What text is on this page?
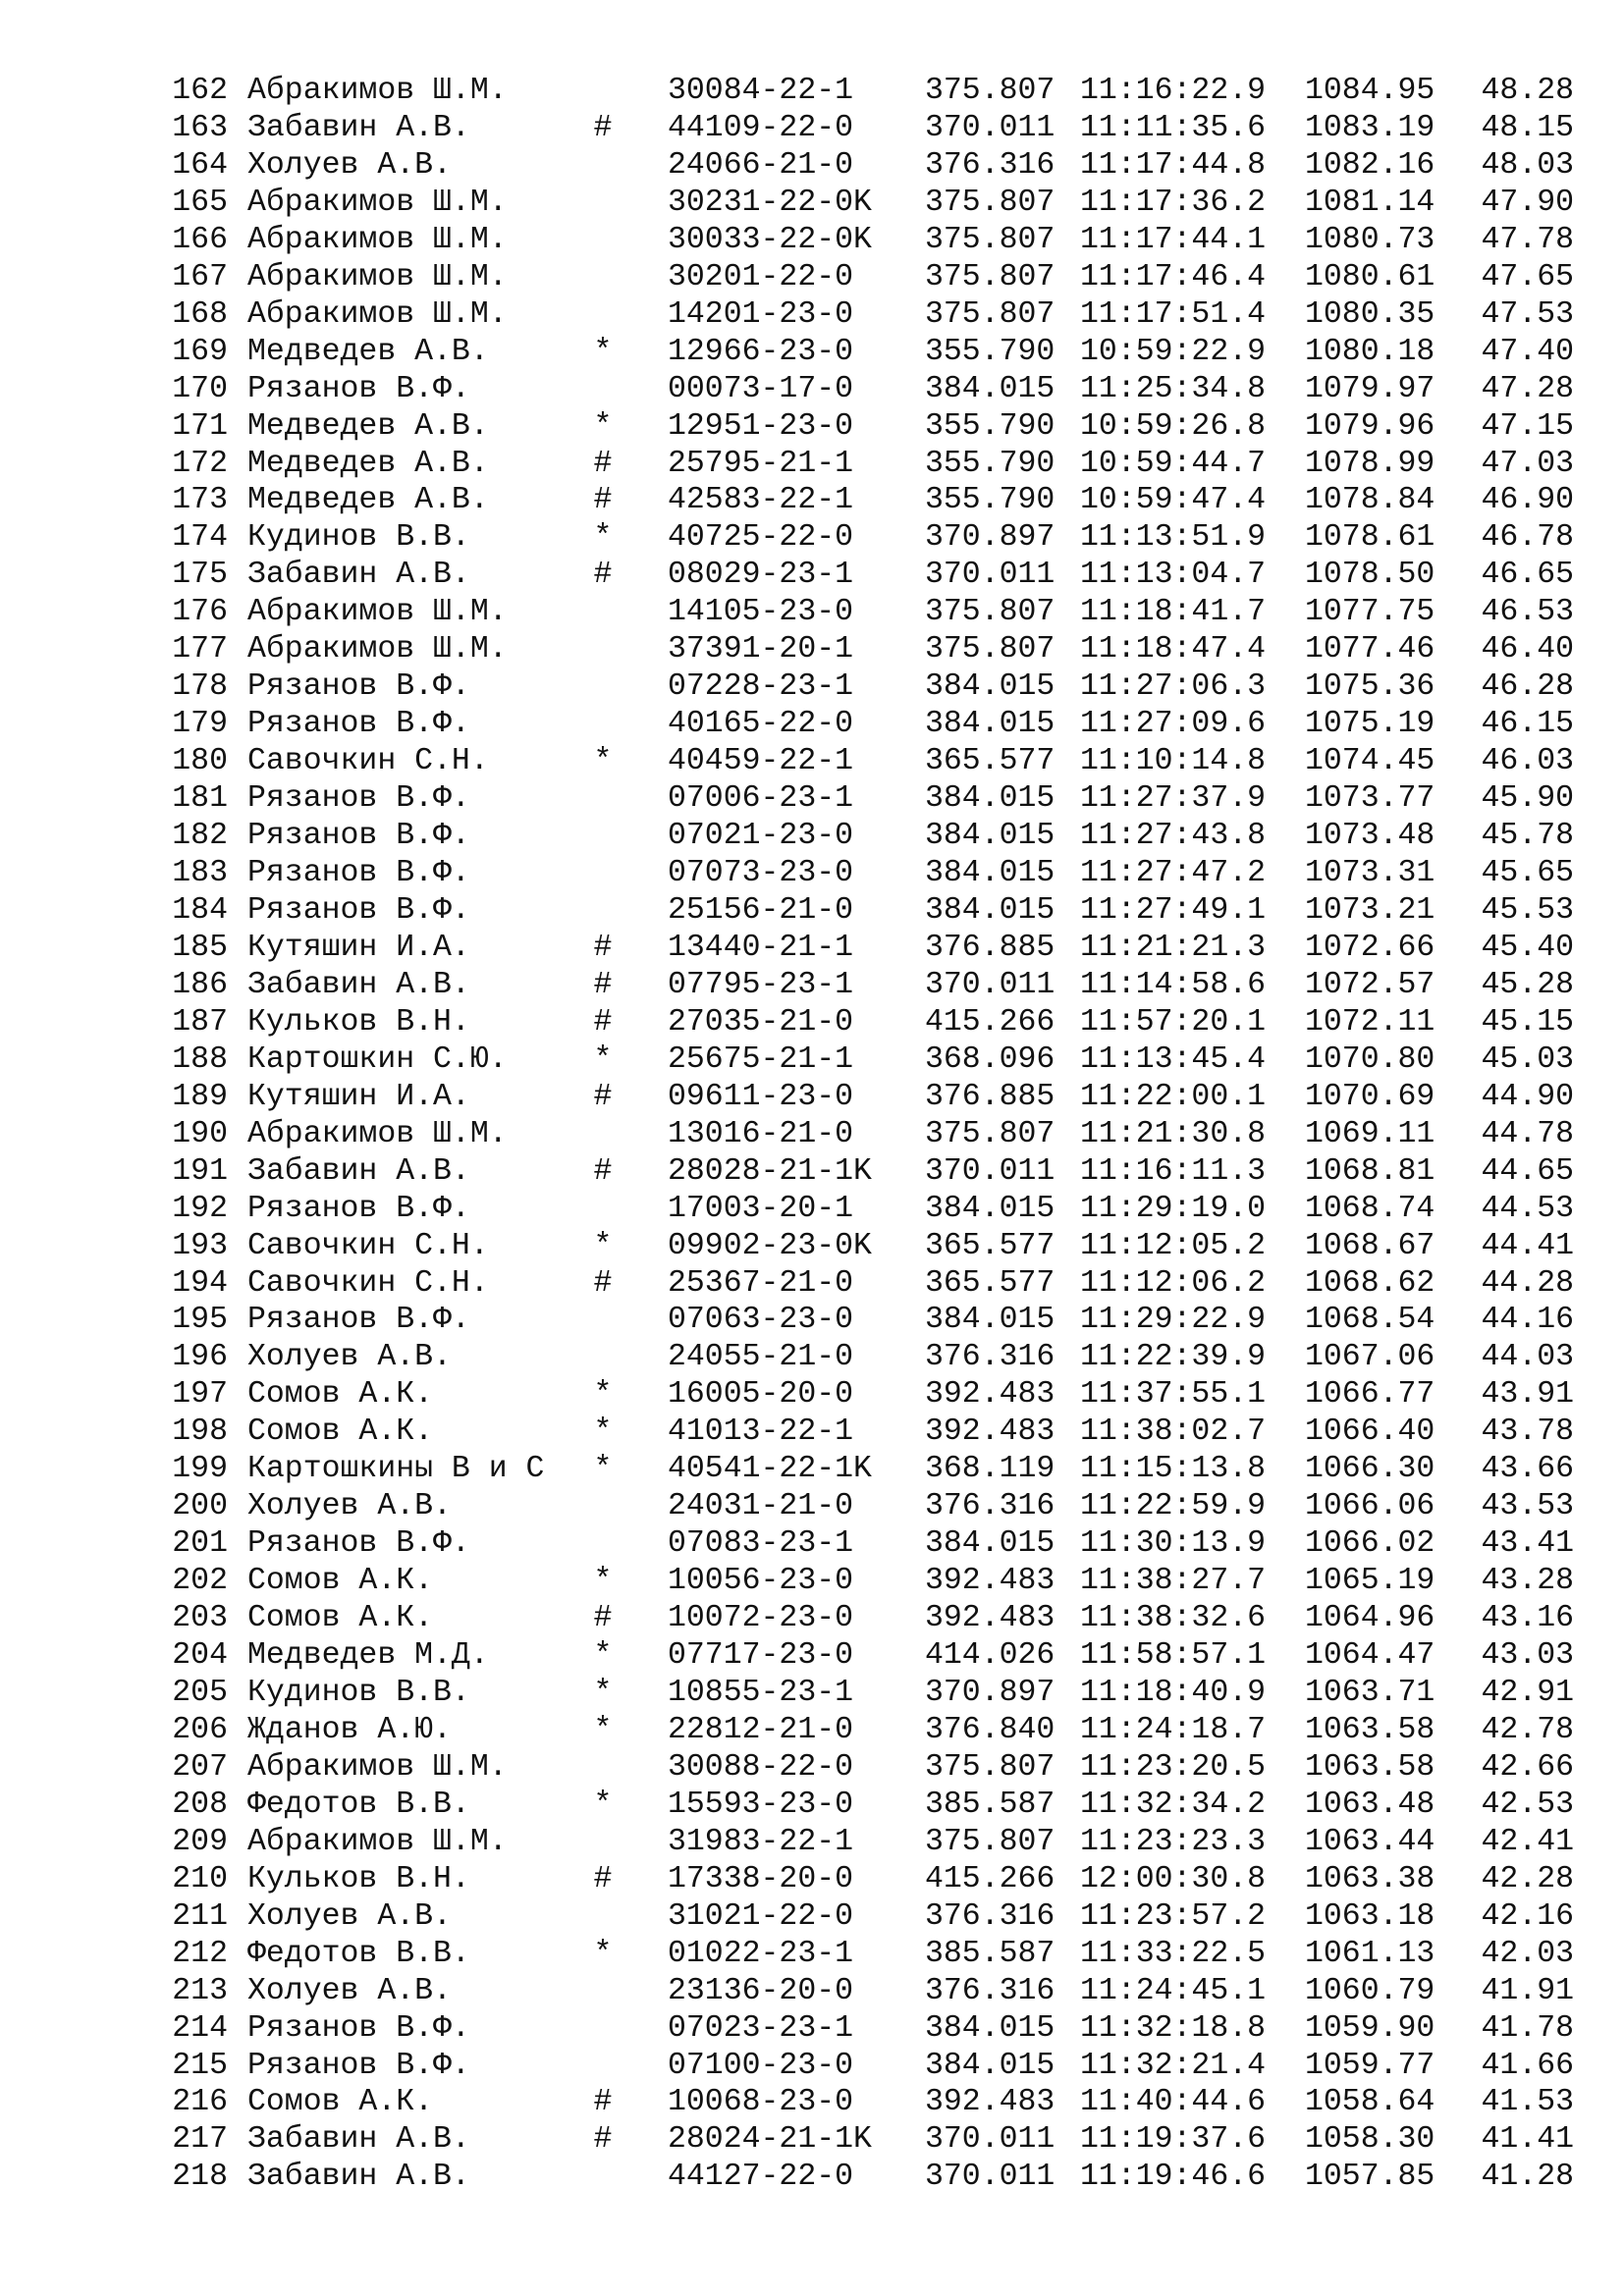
162 Абракимов Ш.М.	30084-22-1 375.807 11:16:22.9 1084.95 48.28
163 Забавин А.В.	# 44109-22-0 370.011 11:11:35.6 1083.19 48.15
164 Холуев А.В.	24066-21-0 376.316 11:17:44.8 1082.16 48.03
165 Абракимов Ш.М.	30231-22-0K 375.807 11:17:36.2 1081.14 47.90
166 Абракимов Ш.М.	30033-22-0K 375.807 11:17:44.1 1080.73 47.78
167 Абракимов Ш.М.	30201-22-0 375.807 11:17:46.4 1080.61 47.65
168 Абракимов Ш.М.	14201-23-0 375.807 11:17:51.4 1080.35 47.53
169 Медведев А.В.	* 12966-23-0 355.790 10:59:22.9 1080.18 47.40
170 Рязанов В.Ф.	00073-17-0 384.015 11:25:34.8 1079.97 47.28
171 Медведев А.В.	* 12951-23-0 355.790 10:59:26.8 1079.96 47.15
172 Медведев А.В.	# 25795-21-1 355.790 10:59:44.7 1078.99 47.03
173 Медведев А.В.	# 42583-22-1 355.790 10:59:47.4 1078.84 46.90
174 Кудинов В.В.	* 40725-22-0 370.897 11:13:51.9 1078.61 46.78
175 Забавин А.В.	# 08029-23-1 370.011 11:13:04.7 1078.50 46.65
176 Абракимов Ш.М.	14105-23-0 375.807 11:18:41.7 1077.75 46.53
177 Абракимов Ш.М.	37391-20-1 375.807 11:18:47.4 1077.46 46.40
178 Рязанов В.Ф.	07228-23-1 384.015 11:27:06.3 1075.36 46.28
179 Рязанов В.Ф.	40165-22-0 384.015 11:27:09.6 1075.19 46.15
180 Савочкин С.Н.	* 40459-22-1 365.577 11:10:14.8 1074.45 46.03
181 Рязанов В.Ф.	07006-23-1 384.015 11:27:37.9 1073.77 45.90
182 Рязанов В.Ф.	07021-23-0 384.015 11:27:43.8 1073.48 45.78
183 Рязанов В.Ф.	07073-23-0 384.015 11:27:47.2 1073.31 45.65
184 Рязанов В.Ф.	25156-21-0 384.015 11:27:49.1 1073.21 45.53
185 Кутяшин И.А.	# 13440-21-1 376.885 11:21:21.3 1072.66 45.40
186 Забавин А.В.	# 07795-23-1 370.011 11:14:58.6 1072.57 45.28
187 Кульков В.Н.	# 27035-21-0 415.266 11:57:20.1 1072.11 45.15
188 Картошкин С.Ю.	* 25675-21-1 368.096 11:13:45.4 1070.80 45.03
189 Кутяшин И.А.	# 09611-23-0 376.885 11:22:00.1 1070.69 44.90
190 Абракимов Ш.М.	13016-21-0 375.807 11:21:30.8 1069.11 44.78
191 Забавин А.В.	# 28028-21-1K 370.011 11:16:11.3 1068.81 44.65
192 Рязанов В.Ф.	17003-20-1 384.015 11:29:19.0 1068.74 44.53
193 Савочкин С.Н.	* 09902-23-0K 365.577 11:12:05.2 1068.67 44.41
194 Савочкин С.Н.	# 25367-21-0 365.577 11:12:06.2 1068.62 44.28
195 Рязанов В.Ф.	07063-23-0 384.015 11:29:22.9 1068.54 44.16
196 Холуев А.В.	24055-21-0 376.316 11:22:39.9 1067.06 44.03
197 Сомов А.К.	* 16005-20-0 392.483 11:37:55.1 1066.77 43.91
198 Сомов А.К.	* 41013-22-1 392.483 11:38:02.7 1066.40 43.78
199 Картошкины В и С * 40541-22-1K 368.119 11:15:13.8 1066.30 43.66
200 Холуев А.В.	24031-21-0 376.316 11:22:59.9 1066.06 43.53
201 Рязанов В.Ф.	07083-23-1 384.015 11:30:13.9 1066.02 43.41
202 Сомов А.К.	* 10056-23-0 392.483 11:38:27.7 1065.19 43.28
203 Сомов А.К.	# 10072-23-0 392.483 11:38:32.6 1064.96 43.16
204 Медведев М.Д.	* 07717-23-0 414.026 11:58:57.1 1064.47 43.03
205 Кудинов В.В.	* 10855-23-1 370.897 11:18:40.9 1063.71 42.91
206 Жданов А.Ю.	* 22812-21-0 376.840 11:24:18.7 1063.58 42.78
207 Абракимов Ш.М.	30088-22-0 375.807 11:23:20.5 1063.58 42.66
208 Федотов В.В.	* 15593-23-0 385.587 11:32:34.2 1063.48 42.53
209 Абракимов Ш.М.	31983-22-1 375.807 11:23:23.3 1063.44 42.41
210 Кульков В.Н.	# 17338-20-0 415.266 12:00:30.8 1063.38 42.28
211 Холуев А.В.	31021-22-0 376.316 11:23:57.2 1063.18 42.16
212 Федотов В.В.	* 01022-23-1 385.587 11:33:22.5 1061.13 42.03
213 Холуев А.В.	23136-20-0 376.316 11:24:45.1 1060.79 41.91
214 Рязанов В.Ф.	07023-23-1 384.015 11:32:18.8 1059.90 41.78
215 Рязанов В.Ф.	07100-23-0 384.015 11:32:21.4 1059.77 41.66
216 Сомов А.К.	# 10068-23-0 392.483 11:40:44.6 1058.64 41.53
217 Забавин А.В.	# 28024-21-1K 370.011 11:19:37.6 1058.30 41.41
218 Забавин А.В.	44127-22-0 370.011 11:19:46.6 1057.85 41.28
